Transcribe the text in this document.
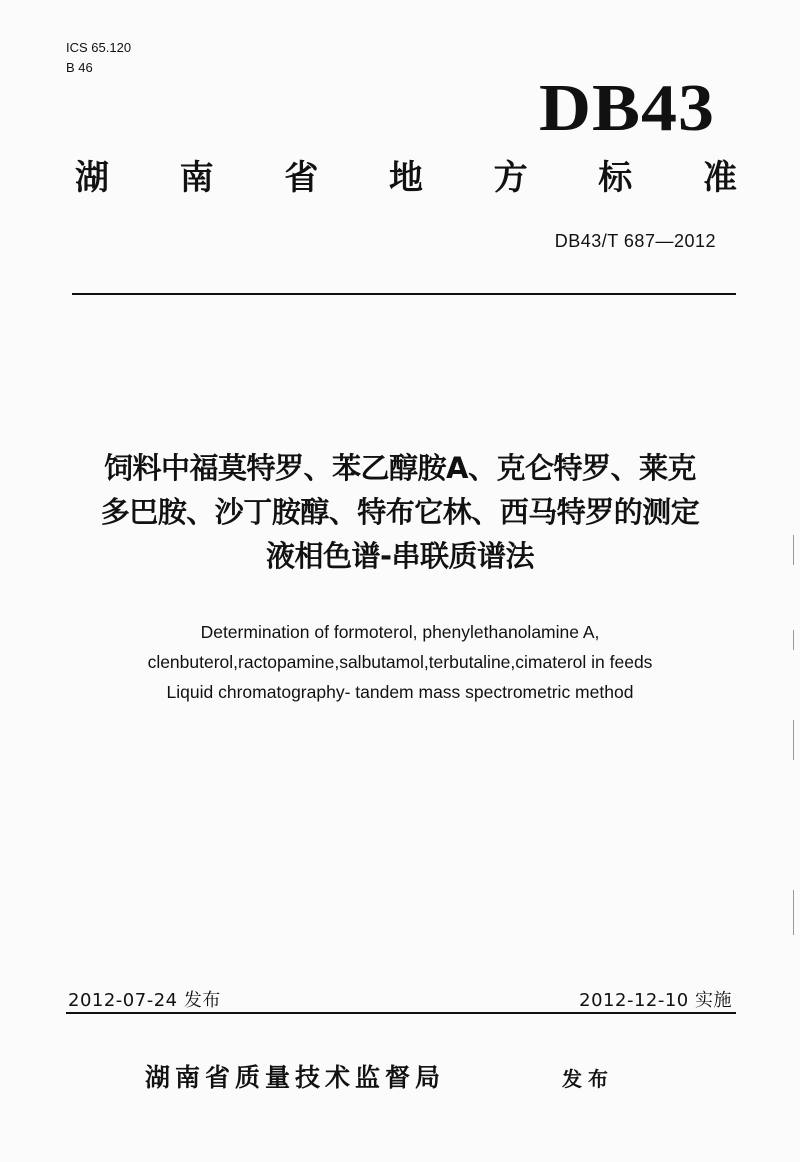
ICS 65.120
B 46
DB43
湖 南 省 地 方 标 准
DB43/T 687—2012
饲料中福莫特罗、苯乙醇胺A、克仑特罗、莱克
多巴胺、沙丁胺醇、特布它林、西马特罗的测定
液相色谱-串联质谱法
Determination of formoterol, phenylethanolamine A,
clenbuterol,ractopamine,salbutamol,terbutaline,cimaterol in feeds
Liquid chromatography- tandem mass spectrometric method
2012-07-24 发布	2012-12-10 实施
湖南省质量技术监督局	发布
